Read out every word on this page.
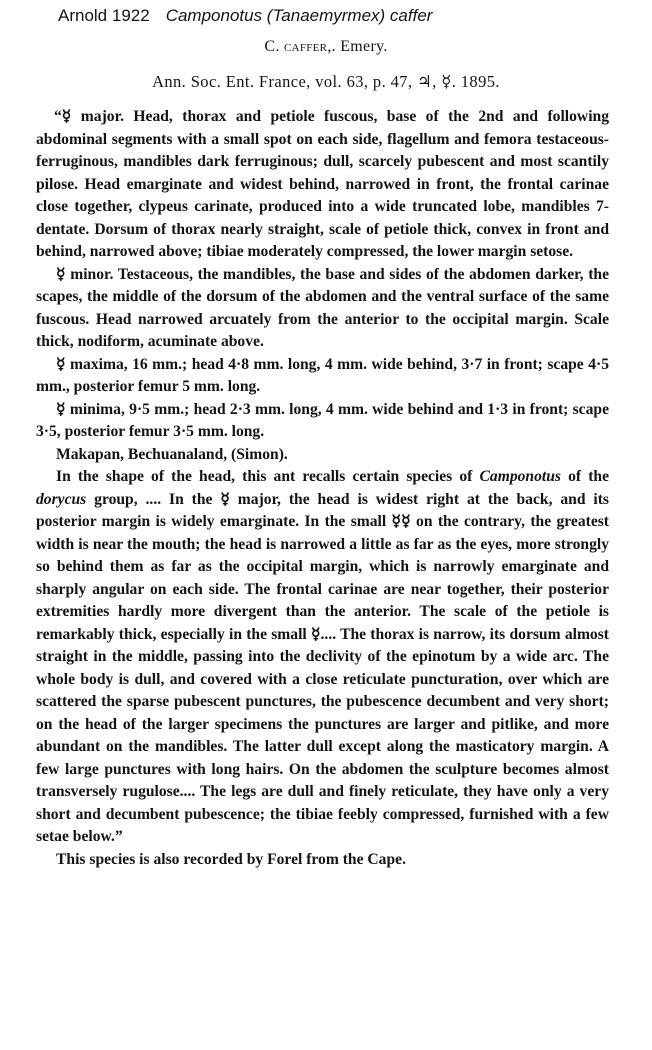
Arnold 1922 Camponotus (Tanaemyrmex) caffer
C. caffer,. Emery.
Ann. Soc. Ent. France, vol. 63, p. 47, ♃, ☿. 1895.

“☿ major. Head, thorax and petiole fuscous, base of the 2nd and following abdominal segments with a small spot on each side, flagellum and femora testaceous-ferruginous, mandibles dark ferruginous; dull, scarcely pubescent and most scantily pilose. Head emarginate and widest behind, narrowed in front, the frontal carinae close together, clypeus carinate, produced into a wide truncated lobe, mandibles 7-dentate. Dorsum of thorax nearly straight, scale of petiole thick, convex in front and behind, narrowed above; tibiae moderately compressed, the lower margin setose.

☿ minor. Testaceous, the mandibles, the base and sides of the abdomen darker, the scapes, the middle of the dorsum of the abdomen and the ventral surface of the same fuscous. Head narrowed arcuately from the anterior to the occipital margin. Scale thick, nodiform, acuminate above.

☿ maxima, 16 mm.; head 4·8 mm. long, 4 mm. wide behind, 3·7 in front; scape 4·5 mm., posterior femur 5 mm. long.

☿ minima, 9·5 mm.; head 2·3 mm. long, 4 mm. wide behind and 1·3 in front; scape 3·5, posterior femur 3·5 mm. long.

Makapan, Bechuanaland, (Simon).

In the shape of the head, this ant recalls certain species of Camponotus of the dorycus group, .... In the ☿ major, the head is widest right at the back, and its posterior margin is widely emarginate. In the small ☿☿ on the contrary, the greatest width is near the mouth; the head is narrowed a little as far as the eyes, more strongly so behind them as far as the occipital margin, which is narrowly emarginate and sharply angular on each side. The frontal carinae are near together, their posterior extremities hardly more divergent than the anterior. The scale of the petiole is remarkably thick, especially in the small ☿.... The thorax is narrow, its dorsum almost straight in the middle, passing into the declivity of the epinotum by a wide arc. The whole body is dull, and covered with a close reticulate puncturation, over which are scattered the sparse pubescent punctures, the pubescence decumbent and very short; on the head of the larger specimens the punctures are larger and pitlike, and more abundant on the mandibles. The latter dull except along the masticatory margin. A few large punctures with long hairs. On the abdomen the sculpture becomes almost transversely rugulose.... The legs are dull and finely reticulate, they have only a very short and decumbent pubescence; the tibiae feebly compressed, furnished with a few setae below.”

This species is also recorded by Forel from the Cape.
